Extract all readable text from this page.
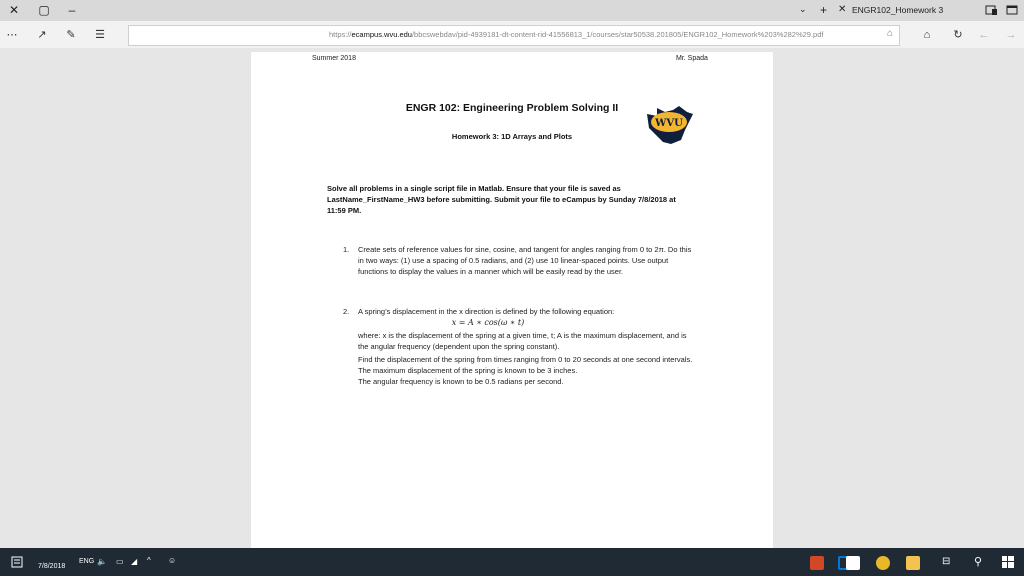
✕	▢	–	⌄ + ✕ ENGR102_Homework 3
⋯	↗	✎	☰	https://ecampus.wvu.edu/bbcswebdav/pid-4939181-dt-content-rid-41556813_1/courses/star50538.201805/ENGR102_Homework%203%282%29.pdf	⌂	⌂	↻	← →
Summer 2018	Mr. Spada
ENGR 102: Engineering Problem Solving II
Homework 3: 1D Arrays and Plots
WVU
Solve all problems in a single script file in Matlab. Ensure that your file is saved as LastName_FirstName_HW3 before submitting. Submit your file to eCampus by Sunday 7/8/2018 at 11:59 PM.
1. Create sets of reference values for sine, cosine, and tangent for angles ranging from 0 to 2π. Do this in two ways: (1) use a spacing of 0.5 radians, and (2) use 10 linear-spaced points. Use output functions to display the values in a manner which will be easily read by the user.
2. A spring’s displacement in the x direction is defined by the following equation:
x = A ∗ cos(ω ∗ t)
where: x is the displacement of the spring at a given time, t; A is the maximum displacement, and is the angular frequency (dependent upon the spring constant).
Find the displacement of the spring from times ranging from 0 to 20 seconds at one second intervals.
The maximum displacement of the spring is known to be 3 inches.
The angular frequency is known to be 0.5 radians per second.
7/8/2018
ENG 🔈 ▭ ◢ ^ ☺	⊟ ⚲
